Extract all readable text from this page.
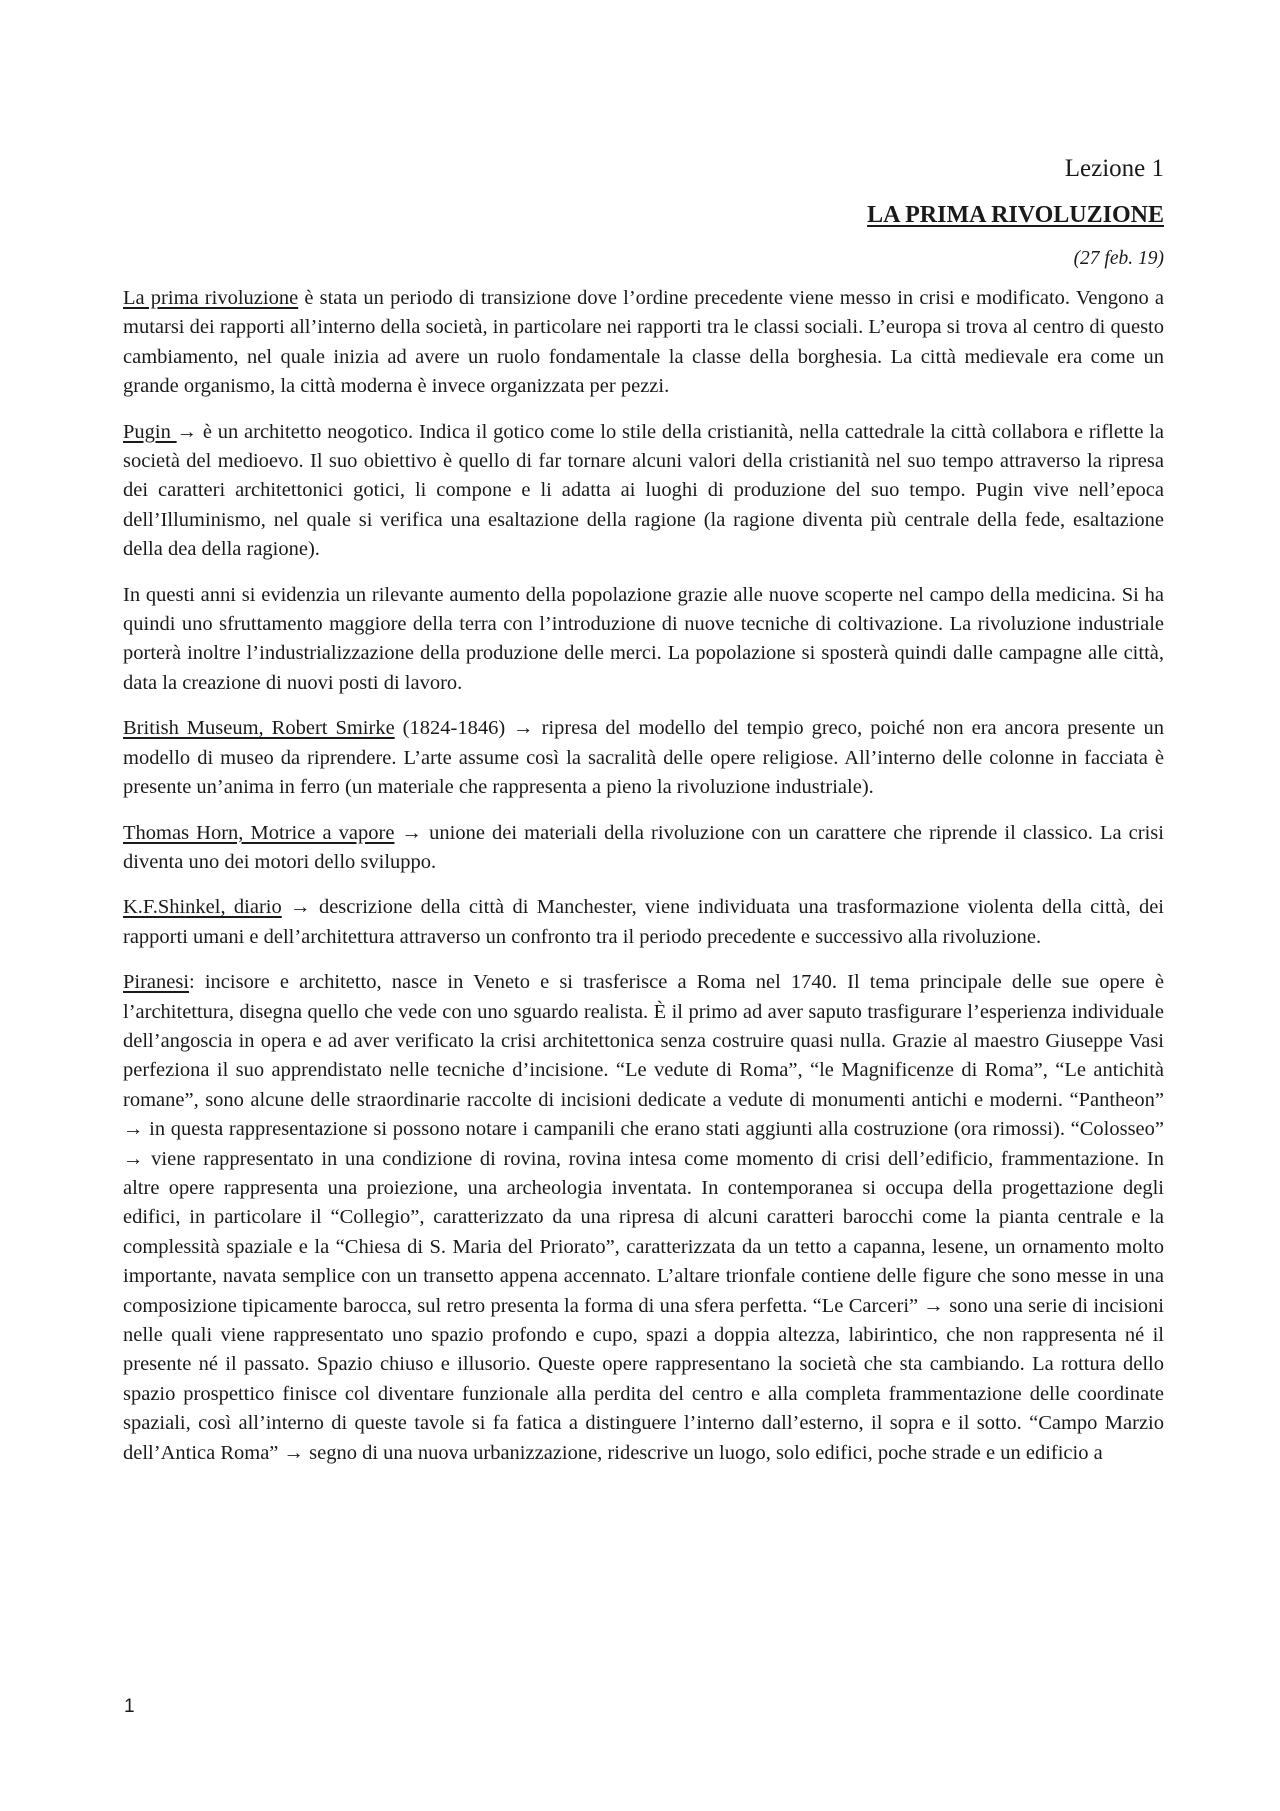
Lezione 1

LA PRIMA RIVOLUZIONE

(27 feb. 19)

La prima rivoluzione è stata un periodo di transizione dove l’ordine precedente viene messo in crisi e modificato. Vengono a mutarsi dei rapporti all’interno della società, in particolare nei rapporti tra le classi sociali. L’europa si trova al centro di questo cambiamento, nel quale inizia ad avere un ruolo fondamentale la classe della borghesia. La città medievale era come un grande organismo, la città moderna è invece organizzata per pezzi.

Pugin → è un architetto neogotico. Indica il gotico come lo stile della cristianità, nella cattedrale la città collabora e riflette la società del medioevo. Il suo obiettivo è quello di far tornare alcuni valori della cristianità nel suo tempo attraverso la ripresa dei caratteri architettonici gotici, li compone e li adatta ai luoghi di produzione del suo tempo. Pugin vive nell’epoca dell’Illuminismo, nel quale si verifica una esaltazione della ragione (la ragione diventa più centrale della fede, esaltazione della dea della ragione).

In questi anni si evidenzia un rilevante aumento della popolazione grazie alle nuove scoperte nel campo della medicina. Si ha quindi uno sfruttamento maggiore della terra con l’introduzione di nuove tecniche di coltivazione. La rivoluzione industriale porterà inoltre l’industrializzazione della produzione delle merci. La popolazione si sposterà quindi dalle campagne alle città, data la creazione di nuovi posti di lavoro.

British Museum, Robert Smirke (1824-1846) → ripresa del modello del tempio greco, poiché non era ancora presente un modello di museo da riprendere. L’arte assume così la sacralità delle opere religiose. All’interno delle colonne in facciata è presente un’anima in ferro (un materiale che rappresenta a pieno la rivoluzione industriale).

Thomas Horn, Motrice a vapore → unione dei materiali della rivoluzione con un carattere che riprende il classico. La crisi diventa uno dei motori dello sviluppo.

K.F.Shinkel, diario → descrizione della città di Manchester, viene individuata una trasformazione violenta della città, dei rapporti umani e dell’architettura attraverso un confronto tra il periodo precedente e successivo alla rivoluzione.

Piranesi: incisore e architetto, nasce in Veneto e si trasferisce a Roma nel 1740. Il tema principale delle sue opere è l’architettura, disegna quello che vede con uno sguardo realista. È il primo ad aver saputo trasfigurare l’esperienza individuale dell’angoscia in opera e ad aver verificato la crisi architettonica senza costruire quasi nulla. Grazie al maestro Giuseppe Vasi perfeziona il suo apprendistato nelle tecniche d’incisione. “Le vedute di Roma”, “le Magnificenze di Roma”, “Le antichità romane”, sono alcune delle straordinarie raccolte di incisioni dedicate a vedute di monumenti antichi e moderni. “Pantheon” → in questa rappresentazione si possono notare i campanili che erano stati aggiunti alla costruzione (ora rimossi). “Colosseo” → viene rappresentato in una condizione di rovina, rovina intesa come momento di crisi dell’edificio, frammentazione. In altre opere rappresenta una proiezione, una archeologia inventata. In contemporanea si occupa della progettazione degli edifici, in particolare il “Collegio”, caratterizzato da una ripresa di alcuni caratteri barocchi come la pianta centrale e la complessità spaziale e la “Chiesa di S. Maria del Priorato”, caratterizzata da un tetto a capanna, lesene, un ornamento molto importante, navata semplice con un transetto appena accennato. L’altare trionfale contiene delle figure che sono messe in una composizione tipicamente barocca, sul retro presenta la forma di una sfera perfetta. “Le Carceri” → sono una serie di incisioni nelle quali viene rappresentato uno spazio profondo e cupo, spazi a doppia altezza, labirintico, che non rappresenta né il presente né il passato. Spazio chiuso e illusorio. Queste opere rappresentano la società che sta cambiando. La rottura dello spazio prospettico finisce col diventare funzionale alla perdita del centro e alla completa frammentazione delle coordinate spaziali, così all’interno di queste tavole si fa fatica a distinguere l’interno dall’esterno, il sopra e il sotto. “Campo Marzio dell’Antica Roma” → segno di una nuova urbanizzazione, ridescrive un luogo, solo edifici, poche strade e un edificio a

1
